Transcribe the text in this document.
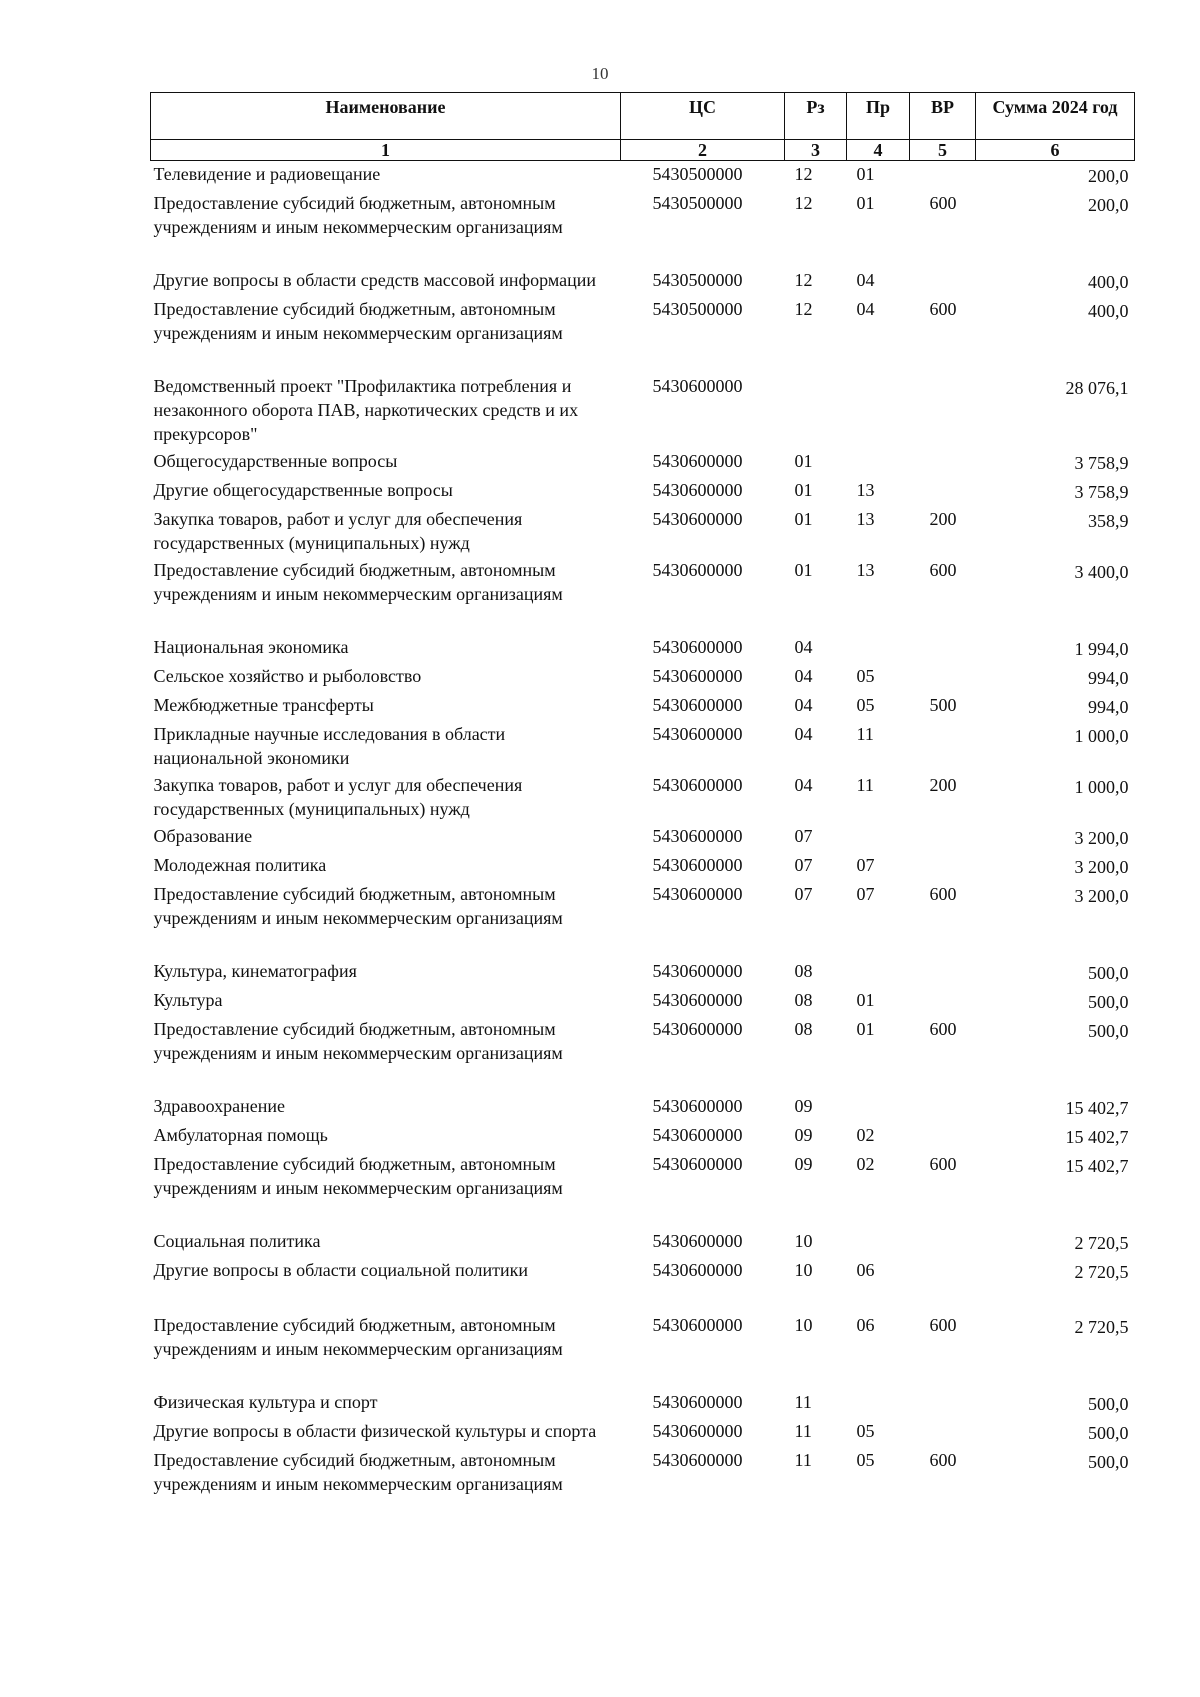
10
Наименование	ЦС	Рз	Пр	ВР	Сумма 2024 год
1	2	3	4	5	6
Телевидение и радиовещание	5430500000	12	01		200,0
Предоставление субсидий бюджетным, автономным учреждениям и иным некоммерческим организациям	5430500000	12	01	600	200,0

Другие вопросы в области средств массовой информации	5430500000	12	04		400,0
Предоставление субсидий бюджетным, автономным учреждениям и иным некоммерческим организациям	5430500000	12	04	600	400,0

Ведомственный проект "Профилактика потребления и незаконного оборота ПАВ, наркотических средств и их прекурсоров"	5430600000				28 076,1
Общегосударственные вопросы	5430600000	01			3 758,9
Другие общегосударственные вопросы	5430600000	01	13		3 758,9
Закупка товаров, работ и услуг для обеспечения государственных (муниципальных) нужд	5430600000	01	13	200	358,9
Предоставление субсидий бюджетным, автономным учреждениям и иным некоммерческим организациям	5430600000	01	13	600	3 400,0

Национальная экономика	5430600000	04			1 994,0
Сельское хозяйство и рыболовство	5430600000	04	05		994,0
Межбюджетные трансферты	5430600000	04	05	500	994,0
Прикладные научные исследования в области национальной экономики	5430600000	04	11		1 000,0
Закупка товаров, работ и услуг для обеспечения государственных (муниципальных) нужд	5430600000	04	11	200	1 000,0
Образование	5430600000	07			3 200,0
Молодежная политика	5430600000	07	07		3 200,0
Предоставление субсидий бюджетным, автономным учреждениям и иным некоммерческим организациям	5430600000	07	07	600	3 200,0

Культура, кинематография	5430600000	08			500,0
Культура	5430600000	08	01		500,0
Предоставление субсидий бюджетным, автономным учреждениям и иным некоммерческим организациям	5430600000	08	01	600	500,0

Здравоохранение	5430600000	09			15 402,7
Амбулаторная помощь	5430600000	09	02		15 402,7
Предоставление субсидий бюджетным, автономным учреждениям и иным некоммерческим организациям	5430600000	09	02	600	15 402,7

Социальная политика	5430600000	10			2 720,5
Другие вопросы в области социальной политики	5430600000	10	06		2 720,5

Предоставление субсидий бюджетным, автономным учреждениям и иным некоммерческим организациям	5430600000	10	06	600	2 720,5

Физическая культура и спорт	5430600000	11			500,0
Другие вопросы в области физической культуры и спорта	5430600000	11	05		500,0
Предоставление субсидий бюджетным, автономным учреждениям и иным некоммерческим организациям	5430600000	11	05	600	500,0
